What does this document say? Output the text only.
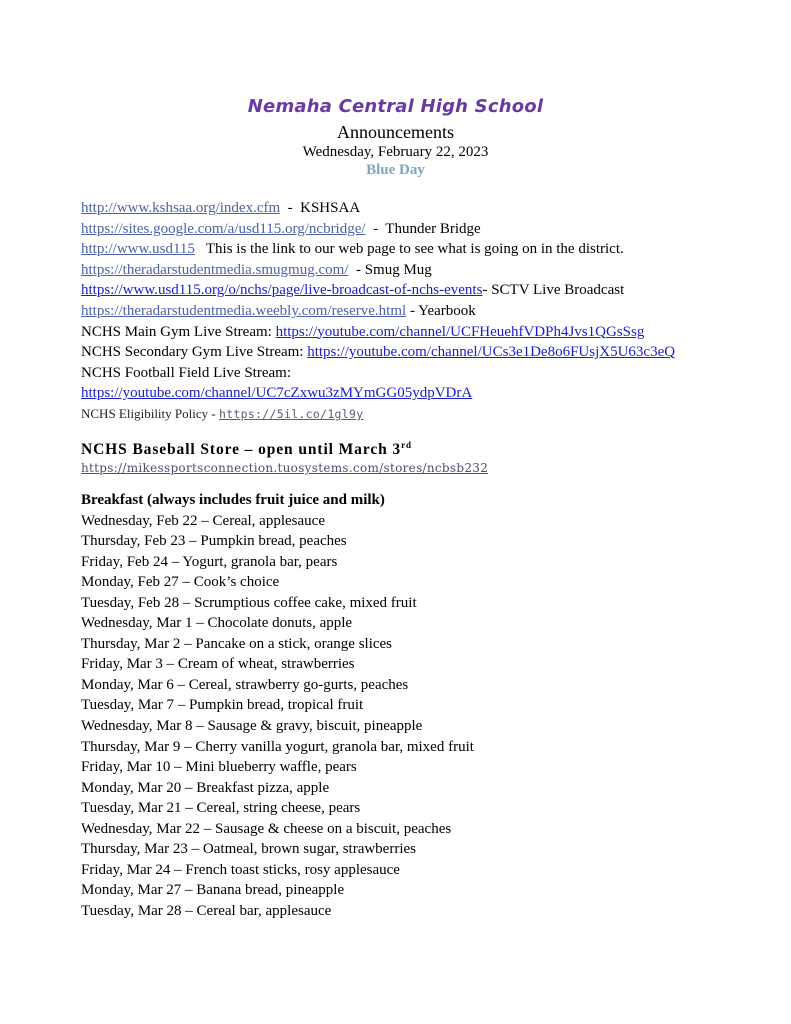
Nemaha Central High School
Announcements
Wednesday, February 22, 2023
Blue Day
http://www.kshsaa.org/index.cfm  -  KSHSAA
https://sites.google.com/a/usd115.org/ncbridge/  -  Thunder Bridge
http://www.usd115   This is the link to our web page to see what is going on in the district.
https://theradarstudentmedia.smugmug.com/  - Smug Mug
https://www.usd115.org/o/nchs/page/live-broadcast-of-nchs-events- SCTV Live Broadcast
https://theradarstudentmedia.weebly.com/reserve.html - Yearbook
NCHS Main Gym Live Stream: https://youtube.com/channel/UCFHeuehfVDPh4Jvs1QGsSsg
NCHS Secondary Gym Live Stream: https://youtube.com/channel/UCs3e1De8o6FUsjX5U63c3eQ
NCHS Football Field Live Stream:
https://youtube.com/channel/UC7cZxwu3zMYmGG05ydpVDrA
NCHS Eligibility Policy - https://5il.co/1gl9y
NCHS Baseball Store – open until March 3rd
https://mikessportsconnection.tuosystems.com/stores/ncbsb232
Breakfast (always includes fruit juice and milk)
Wednesday, Feb 22 – Cereal, applesauce
Thursday, Feb 23 – Pumpkin bread, peaches
Friday, Feb 24 – Yogurt, granola bar, pears
Monday, Feb 27 – Cook’s choice
Tuesday, Feb 28 – Scrumptious coffee cake, mixed fruit
Wednesday, Mar 1 – Chocolate donuts, apple
Thursday, Mar 2 – Pancake on a stick, orange slices
Friday, Mar 3 – Cream of wheat, strawberries
Monday, Mar 6 – Cereal, strawberry go-gurts, peaches
Tuesday, Mar 7 – Pumpkin bread, tropical fruit
Wednesday, Mar 8 – Sausage & gravy, biscuit, pineapple
Thursday, Mar 9 – Cherry vanilla yogurt, granola bar, mixed fruit
Friday, Mar 10 – Mini blueberry waffle, pears
Monday, Mar 20 – Breakfast pizza, apple
Tuesday, Mar 21 – Cereal, string cheese, pears
Wednesday, Mar 22 – Sausage & cheese on a biscuit, peaches
Thursday, Mar 23 – Oatmeal, brown sugar, strawberries
Friday, Mar 24 – French toast sticks, rosy applesauce
Monday, Mar 27 – Banana bread, pineapple
Tuesday, Mar 28 – Cereal bar, applesauce
